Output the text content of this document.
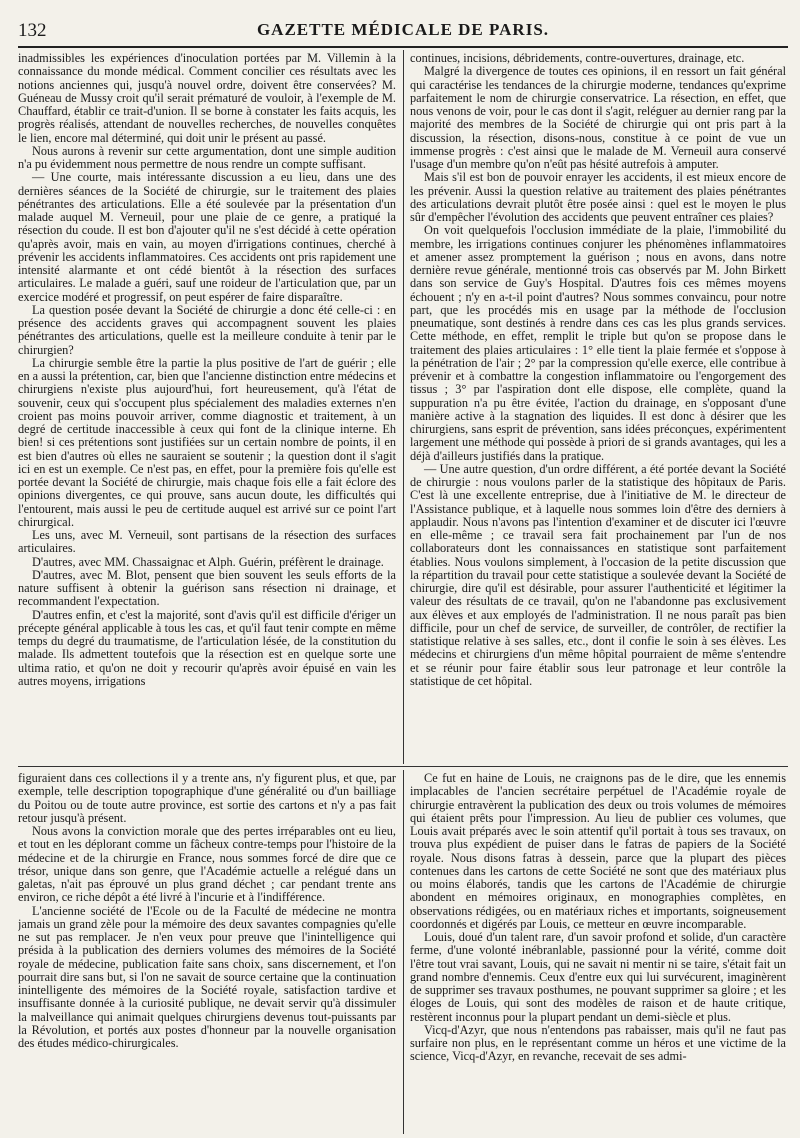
132	GAZETTE MÉDICALE DE PARIS.

inadmissibles les expériences d'inoculation portées par M. Villemin à la connaissance du monde médical. Comment concilier ces résultats avec les notions anciennes qui, jusqu'à nouvel ordre, doivent être conservées? M. Guéneau de Mussy croit qu'il serait prématuré de vouloir, à l'exemple de M. Chauffard, établir ce trait-d'union. Il se borne à constater les faits acquis, les progrès réalisés, attendant de nouvelles recherches, de nouvelles conquêtes le lien, encore mal déterminé, qui doit unir le présent au passé.

Nous aurons à revenir sur cette argumentation, dont une simple audition n'a pu évidemment nous permettre de nous rendre un compte suffisant.

— Une courte, mais intéressante discussion a eu lieu, dans une des dernières séances de la Société de chirurgie, sur le traitement des plaies pénétrantes des articulations. Elle a été soulevée par la présentation d'un malade auquel M. Verneuil, pour une plaie de ce genre, a pratiqué la résection du coude. Il est bon d'ajouter qu'il ne s'est décidé à cette opération qu'après avoir, mais en vain, au moyen d'irrigations continues, cherché à prévenir les accidents inflammatoires. Ces accidents ont pris rapidement une intensité alarmante et ont cédé bientôt à la résection des surfaces articulaires. Le malade a guéri, sauf une roideur de l'articulation que, par un exercice modéré et progressif, on peut espérer de faire disparaître.

La question posée devant la Société de chirurgie a donc été celle-ci : en présence des accidents graves qui accompagnent souvent les plaies pénétrantes des articulations, quelle est la meilleure conduite à tenir par le chirurgien?

La chirurgie semble être la partie la plus positive de l'art de guérir ; elle en a aussi la prétention, car, bien que l'ancienne distinction entre médecins et chirurgiens n'existe plus aujourd'hui, fort heureusement, qu'à l'état de souvenir, ceux qui s'occupent plus spécialement des maladies externes n'en croient pas moins pouvoir arriver, comme diagnostic et traitement, à un degré de certitude inaccessible à ceux qui font de la clinique interne. Eh bien! si ces prétentions sont justifiées sur un certain nombre de points, il en est bien d'autres où elles ne sauraient se soutenir ; la question dont il s'agit ici en est un exemple. Ce n'est pas, en effet, pour la première fois qu'elle est portée devant la Société de chirurgie, mais chaque fois elle a fait éclore des opinions divergentes, ce qui prouve, sans aucun doute, les difficultés qui l'entourent, mais aussi le peu de certitude auquel est arrivé sur ce point l'art chirurgical.

Les uns, avec M. Verneuil, sont partisans de la résection des surfaces articulaires.

D'autres, avec MM. Chassaignac et Alph. Guérin, préfèrent le drainage.

D'autres, avec M. Blot, pensent que bien souvent les seuls efforts de la nature suffisent à obtenir la guérison sans résection ni drainage, et recommandent l'expectation.

D'autres enfin, et c'est la majorité, sont d'avis qu'il est difficile d'ériger un précepte général applicable à tous les cas, et qu'il faut tenir compte en même temps du degré du traumatisme, de l'articulation lésée, de la constitution du malade. Ils admettent toutefois que la résection est en quelque sorte une ultima ratio, et qu'on ne doit y recourir qu'après avoir épuisé en vain les autres moyens, irrigations

continues, incisions, débridements, contre-ouvertures, drainage, etc.

Malgré la divergence de toutes ces opinions, il en ressort un fait général qui caractérise les tendances de la chirurgie moderne, tendances qu'exprime parfaitement le nom de chirurgie conservatrice. La résection, en effet, que nous venons de voir, pour le cas dont il s'agit, reléguer au dernier rang par la majorité des membres de la Société de chirurgie qui ont pris part à la discussion, la résection, disons-nous, constitue à ce point de vue un immense progrès : c'est ainsi que le malade de M. Verneuil aura conservé l'usage d'un membre qu'on n'eût pas hésité autrefois à amputer.

Mais s'il est bon de pouvoir enrayer les accidents, il est mieux encore de les prévenir. Aussi la question relative au traitement des plaies pénétrantes des articulations devrait plutôt être posée ainsi : quel est le moyen le plus sûr d'empêcher l'évolution des accidents que peuvent entraîner ces plaies?

On voit quelquefois l'occlusion immédiate de la plaie, l'immobilité du membre, les irrigations continues conjurer les phénomènes inflammatoires et amener assez promptement la guérison ; nous en avons, dans notre dernière revue générale, mentionné trois cas observés par M. John Birkett dans son service de Guy's Hospital. D'autres fois ces mêmes moyens échouent ; n'y en a-t-il point d'autres? Nous sommes convaincu, pour notre part, que les procédés mis en usage par la méthode de l'occlusion pneumatique, sont destinés à rendre dans ces cas les plus grands services. Cette méthode, en effet, remplit le triple but qu'on se propose dans le traitement des plaies articulaires : 1° elle tient la plaie fermée et s'oppose à la pénétration de l'air ; 2° par la compression qu'elle exerce, elle contribue à prévenir et à combattre la congestion inflammatoire ou l'engorgement des tissus ; 3° par l'aspiration dont elle dispose, elle complète, quand la suppuration n'a pu être évitée, l'action du drainage, en s'opposant d'une manière active à la stagnation des liquides. Il est donc à désirer que les chirurgiens, sans esprit de prévention, sans idées préconçues, expérimentent largement une méthode qui possède à priori de si grands avantages, qui les a déjà d'ailleurs justifiés dans la pratique.

— Une autre question, d'un ordre différent, a été portée devant la Société de chirurgie : nous voulons parler de la statistique des hôpitaux de Paris. C'est là une excellente entreprise, due à l'initiative de M. le directeur de l'Assistance publique, et à laquelle nous sommes loin d'être des derniers à applaudir. Nous n'avons pas l'intention d'examiner et de discuter ici l'œuvre en elle-même ; ce travail sera fait prochainement par l'un de nos collaborateurs dont les connaissances en statistique sont parfaitement établies. Nous voulons simplement, à l'occasion de la petite discussion que la répartition du travail pour cette statistique a soulevée devant la Société de chirurgie, dire qu'il est désirable, pour assurer l'authenticité et légitimer la valeur des résultats de ce travail, qu'on ne l'abandonne pas exclusivement aux élèves et aux employés de l'administration. Il ne nous paraît pas bien difficile, pour un chef de service, de surveiller, de contrôler, de rectifier la statistique relative à ses salles, etc., dont il confie le soin à ses élèves. Les médecins et chirurgiens d'un même hôpital pourraient de même s'entendre et se réunir pour faire établir sous leur patronage et leur contrôle la statistique de cet hôpital.

figuraient dans ces collections il y a trente ans, n'y figurent plus, et que, par exemple, telle description topographique d'une généralité ou d'un bailliage du Poitou ou de toute autre province, est sortie des cartons et n'y a pas fait retour jusqu'à présent.

Nous avons la conviction morale que des pertes irréparables ont eu lieu, et tout en les déplorant comme un fâcheux contre-temps pour l'histoire de la médecine et de la chirurgie en France, nous sommes forcé de dire que ce trésor, unique dans son genre, que l'Académie actuelle a relégué dans un galetas, n'ait pas éprouvé un plus grand déchet ; car pendant trente ans environ, ce riche dépôt a été livré à l'incurie et à l'indifférence.

L'ancienne société de l'Ecole ou de la Faculté de médecine ne montra jamais un grand zèle pour la mémoire des deux savantes compagnies qu'elle ne sut pas remplacer. Je n'en veux pour preuve que l'inintelligence qui présida à la publication des derniers volumes des mémoires de la Société royale de médecine, publication faite sans choix, sans discernement, et l'on pourrait dire sans but, si l'on ne savait de source certaine que la continuation inintelligente des mémoires de la Société royale, satisfaction tardive et insuffisante donnée à la curiosité publique, ne devait servir qu'à dissimuler la malveillance qui animait quelques chirurgiens devenus tout-puissants par la Révolution, et portés aux postes d'honneur par la nouvelle organisation des études médico-chirurgicales.

Ce fut en haine de Louis, ne craignons pas de le dire, que les ennemis implacables de l'ancien secrétaire perpétuel de l'Académie royale de chirurgie entravèrent la publication des deux ou trois volumes de mémoires qui étaient prêts pour l'impression. Au lieu de publier ces volumes, que Louis avait préparés avec le soin attentif qu'il portait à tous ses travaux, on trouva plus expédient de puiser dans le fatras de papiers de la Société royale. Nous disons fatras à dessein, parce que la plupart des pièces contenues dans les cartons de cette Société ne sont que des matériaux plus ou moins élaborés, tandis que les cartons de l'Académie de chirurgie abondent en mémoires originaux, en monographies complètes, en observations rédigées, ou en matériaux riches et importants, soigneusement coordonnés et digérés par Louis, ce metteur en œuvre incomparable.

Louis, doué d'un talent rare, d'un savoir profond et solide, d'un caractère ferme, d'une volonté inébranlable, passionné pour la vérité, comme doit l'être tout vrai savant, Louis, qui ne savait ni mentir ni se taire, s'était fait un grand nombre d'ennemis. Ceux d'entre eux qui lui survécurent, imaginèrent de supprimer ses travaux posthumes, ne pouvant supprimer sa gloire ; et les éloges de Louis, qui sont des modèles de raison et de haute critique, restèrent inconnus pour la plupart pendant un demi-siècle et plus.

Vicq-d'Azyr, que nous n'entendons pas rabaisser, mais qu'il ne faut pas surfaire non plus, en le représentant comme un héros et une victime de la science, Vicq-d'Azyr, en revanche, recevait de ses admi-
